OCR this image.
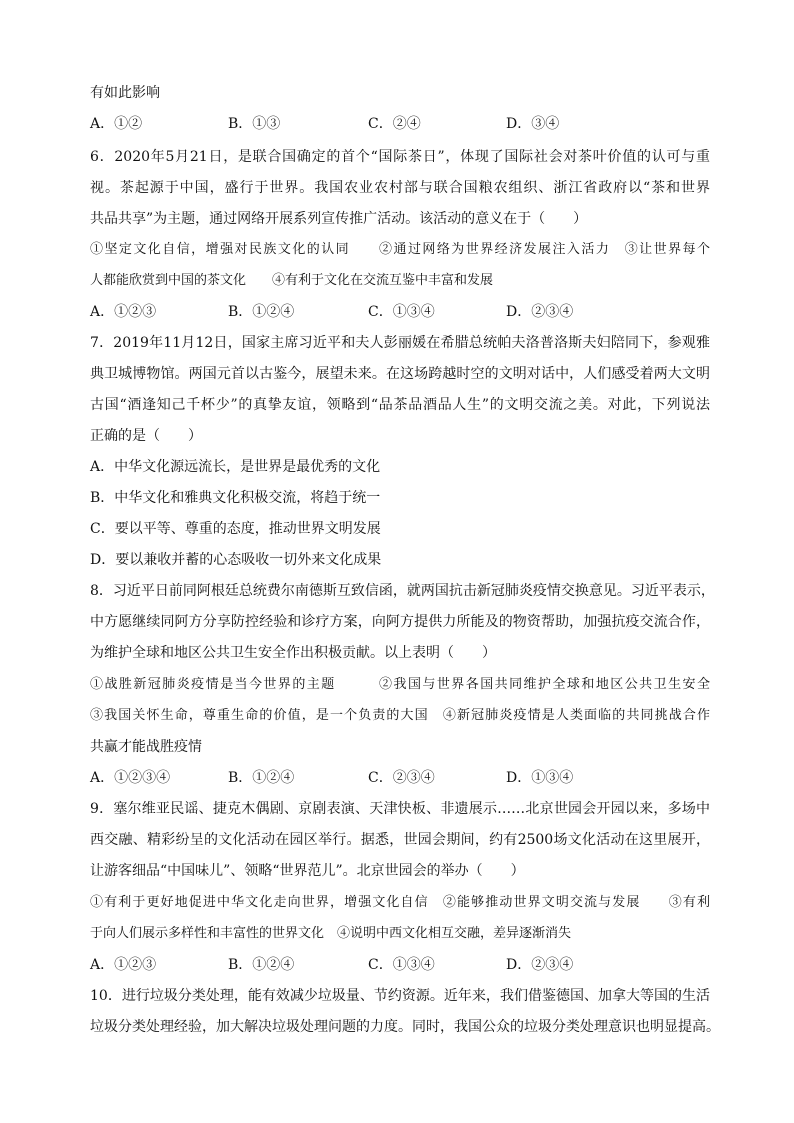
有如此影响
A．①②	B．①③	C．②④	D．③④
6．2020年5月21日，是联合国确定的首个“国际茶日”，体现了国际社会对茶叶价值的认可与重
视。茶起源于中国，盛行于世界。我国农业农村部与联合国粮农组织、浙江省政府以“茶和世界
共品共享”为主题，通过网络开展系列宣传推广活动。该活动的意义在于（　　）
①坚定文化自信，增强对民族文化的认同　　②通过网络为世界经济发展注入活力　③让世界每个
人都能欣赏到中国的茶文化　　④有利于文化在交流互鉴中丰富和发展
A．①②③	B．①②④	C．①③④	D．②③④
7．2019年11月12日，国家主席习近平和夫人彭丽媛在希腊总统帕夫洛普洛斯夫妇陪同下，参观雅
典卫城博物馆。两国元首以古鉴今，展望未来。在这场跨越时空的文明对话中，人们感受着两大文明
古国“酒逢知己千杯少”的真挚友谊，领略到“品茶品酒品人生”的文明交流之美。对此，下列说法
正确的是（　　）
A．中华文化源远流长，是世界是最优秀的文化
B．中华文化和雅典文化积极交流，将趋于统一
C．要以平等、尊重的态度，推动世界文明发展
D．要以兼收并蓄的心态吸收一切外来文化成果
8．习近平日前同阿根廷总统费尔南德斯互致信函，就两国抗击新冠肺炎疫情交换意见。习近平表示，
中方愿继续同阿方分享防控经验和诊疗方案，向阿方提供力所能及的物资帮助，加强抗疫交流合作，
为维护全球和地区公共卫生安全作出积极贡献。以上表明（　　）
①战胜新冠肺炎疫情是当今世界的主题　　　②我国与世界各国共同维护全球和地区公共卫生安全
③我国关怀生命，尊重生命的价值，是一个负责的大国　④新冠肺炎疫情是人类面临的共同挑战合作
共赢才能战胜疫情
A．①②③④	B．①②④	C．②③④	D．①③④
9．塞尔维亚民谣、捷克木偶剧、京剧表演、天津快板、非遗展示……北京世园会开园以来，多场中
西交融、精彩纷呈的文化活动在园区举行。据悉，世园会期间，约有2500场文化活动在这里展开，
让游客细品“中国味儿”、领略“世界范儿”。北京世园会的举办（　　）
①有利于更好地促进中华文化走向世界，增强文化自信　②能够推动世界文明交流与发展　　③有利
于向人们展示多样性和丰富性的世界文化　④说明中西文化相互交融，差异逐渐消失
A．①②③	B．①②④	C．①③④	D．②③④
10．进行垃圾分类处理，能有效减少垃圾量、节约资源。近年来，我们借鉴德国、加拿大等国的生活
垃圾分类处理经验，加大解决垃圾处理问题的力度。同时，我国公众的垃圾分类处理意识也明显提高。
